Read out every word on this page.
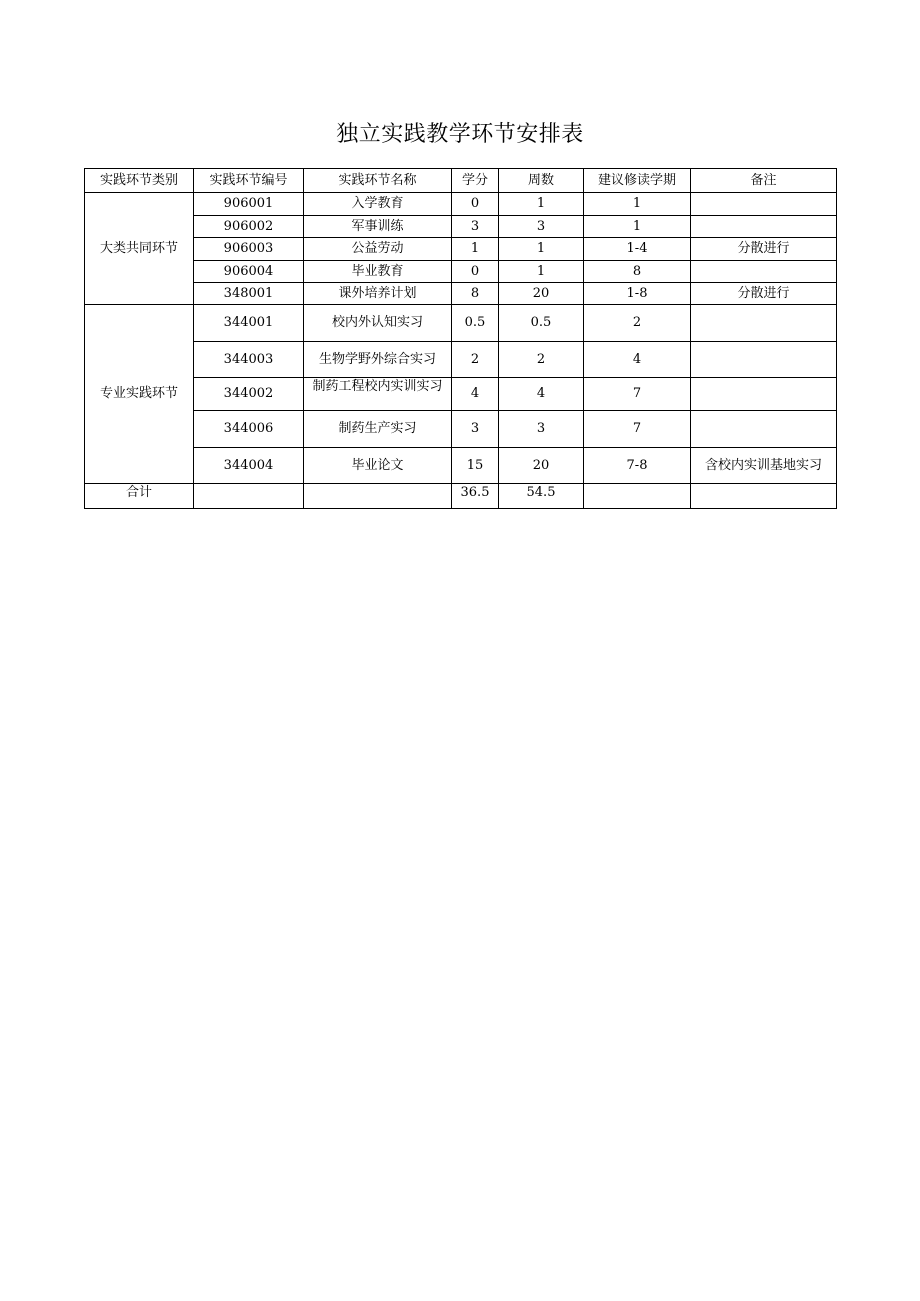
独立实践教学环节安排表
实践环节类别	实践环节编号	实践环节名称	学分	周数	建议修读学期	备注
大类共同环节	906001	入学教育	0	1	1	
	906002	军事训练	3	3	1	
	906003	公益劳动	1	1	1-4	分散进行
	906004	毕业教育	0	1	8	
	348001	课外培养计划	8	20	1-8	分散进行
专业实践环节	344001	校内外认知实习	0.5	0.5	2	
	344003	生物学野外综合实习	2	2	4	
	344002	制药工程校内实训实习	4	4	7	
	344006	制药生产实习	3	3	7	
	344004	毕业论文	15	20	7-8	含校内实训基地实习
合计			36.5	54.5		
